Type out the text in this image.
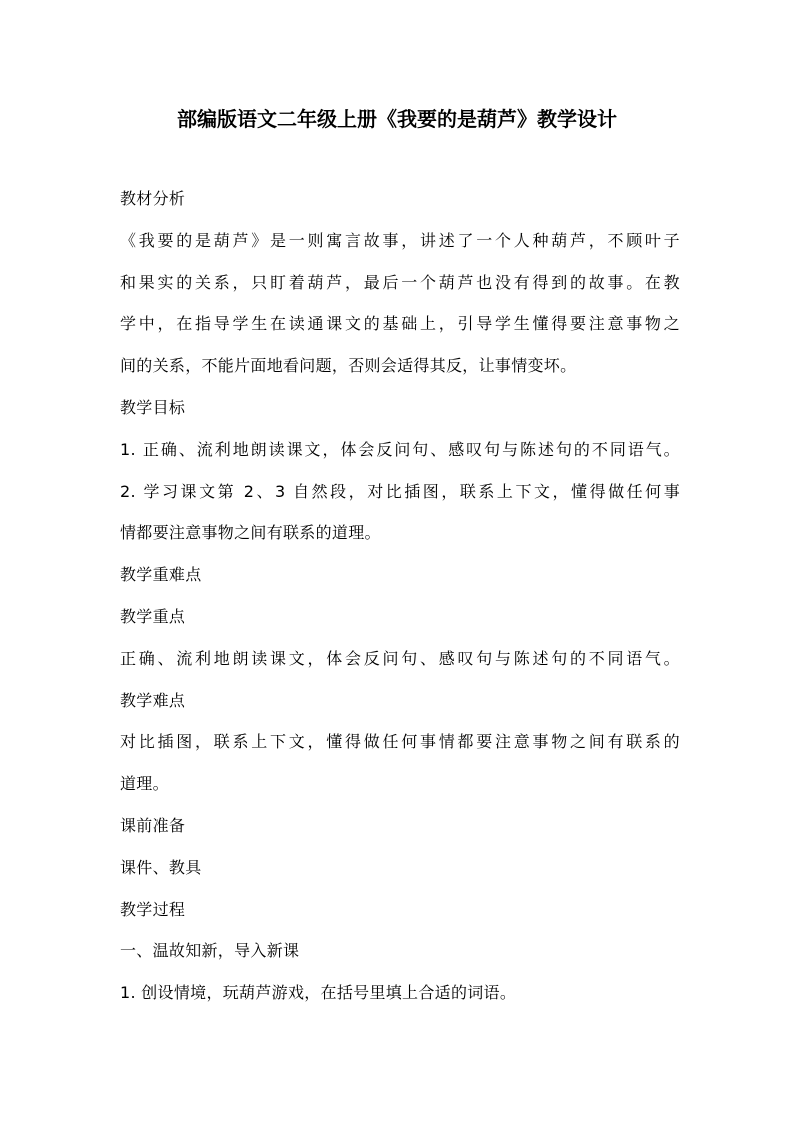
部编版语文二年级上册《我要的是葫芦》教学设计
教材分析
《我要的是葫芦》是一则寓言故事，讲述了一个人种葫芦，不顾叶子
和果实的关系，只盯着葫芦，最后一个葫芦也没有得到的故事。在教
学中，在指导学生在读通课文的基础上，引导学生懂得要注意事物之
间的关系，不能片面地看问题，否则会适得其反，让事情变坏。
教学目标
1. 正确、流利地朗读课文，体会反问句、感叹句与陈述句的不同语气。
2. 学习课文第 2、3 自然段，对比插图，联系上下文，懂得做任何事
情都要注意事物之间有联系的道理。
教学重难点
教学重点
正确、流利地朗读课文，体会反问句、感叹句与陈述句的不同语气。
教学难点
对比插图，联系上下文，懂得做任何事情都要注意事物之间有联系的
道理。
课前准备
课件、教具
教学过程
一、温故知新，导入新课
1. 创设情境，玩葫芦游戏，在括号里填上合适的词语。
